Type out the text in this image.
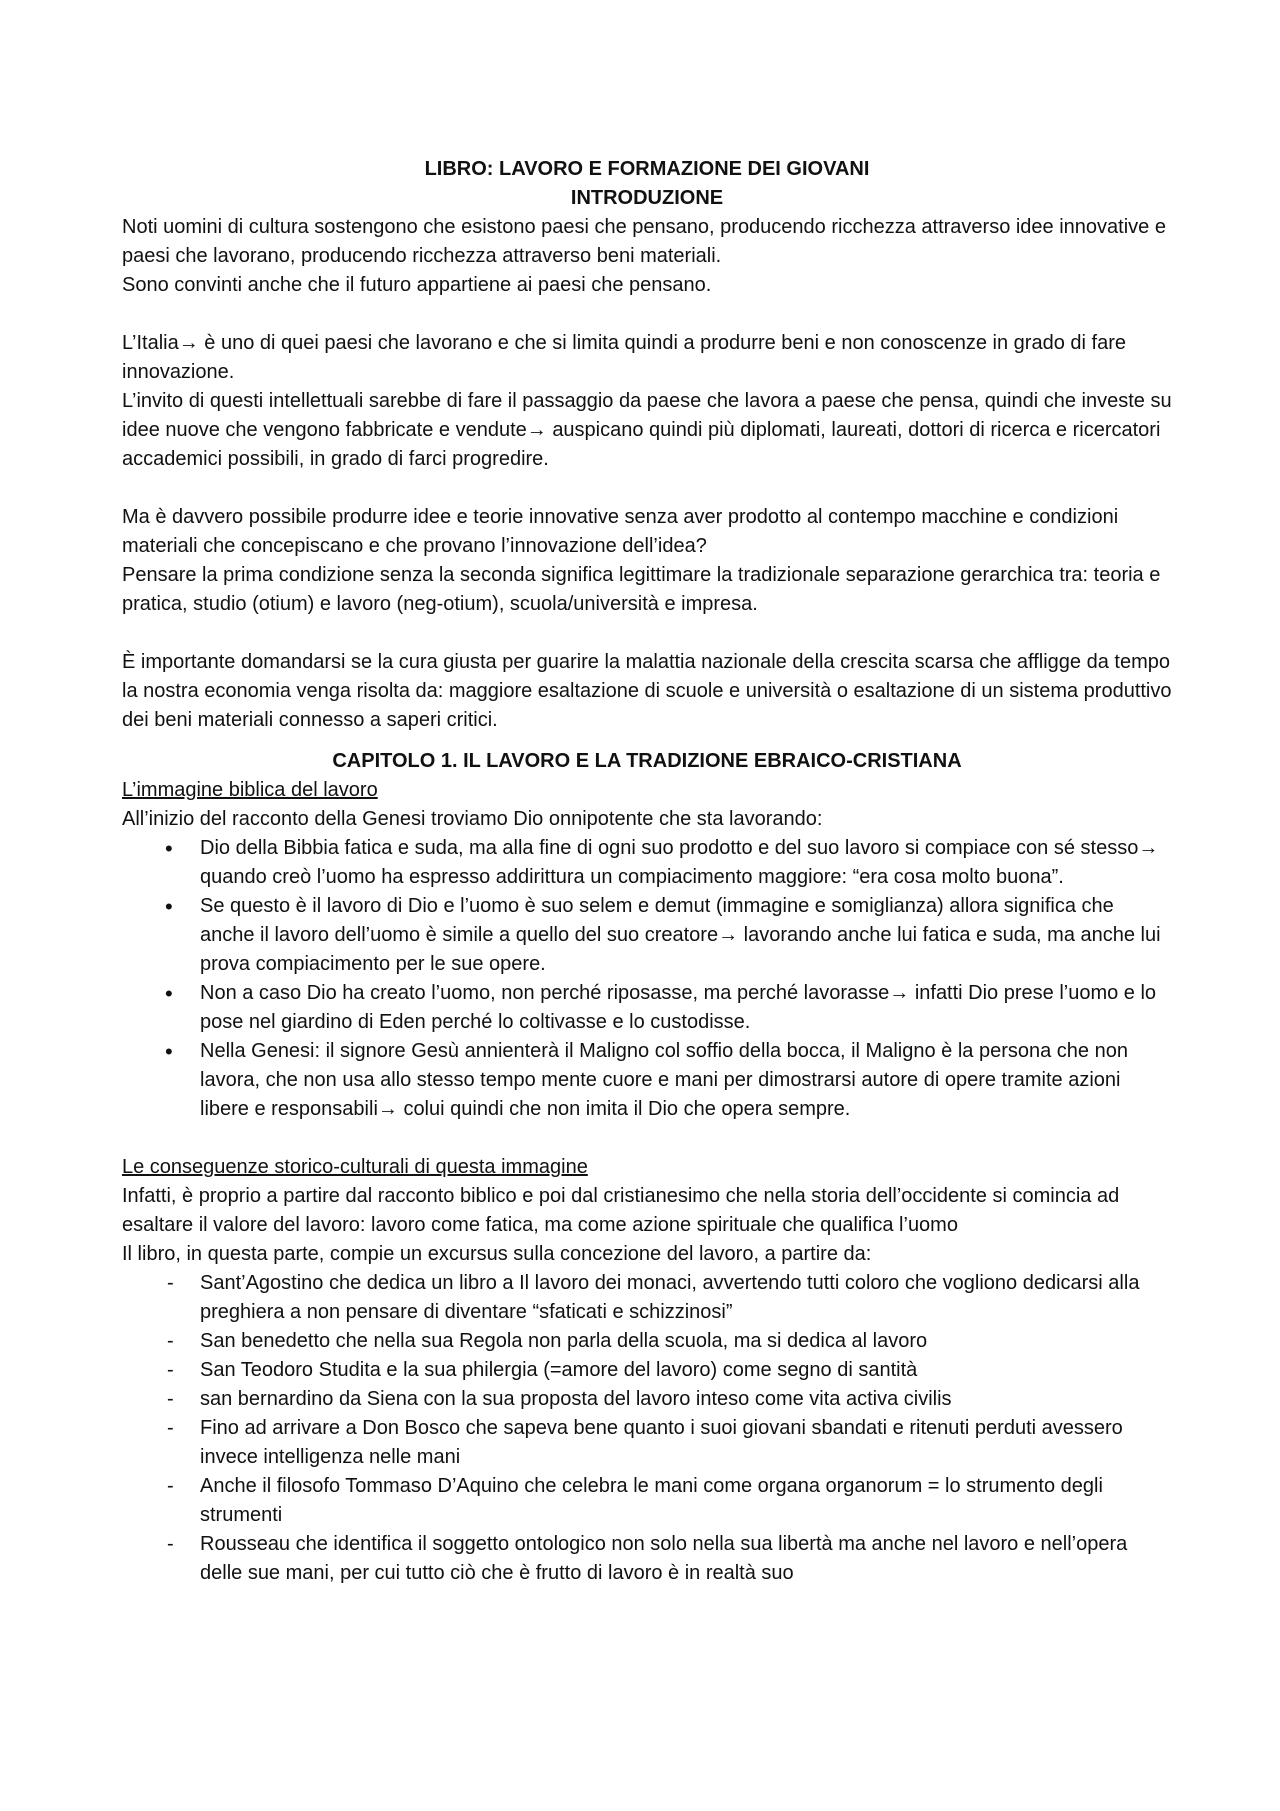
LIBRO: LAVORO E FORMAZIONE DEI GIOVANI

INTRODUZIONE

Noti uomini di cultura sostengono che esistono paesi che pensano, producendo ricchezza attraverso idee innovative e paesi che lavorano, producendo ricchezza attraverso beni materiali.

Sono convinti anche che il futuro appartiene ai paesi che pensano.

L’Italia→ è uno di quei paesi che lavorano e che si limita quindi a produrre beni e non conoscenze in grado di fare innovazione.

L’invito di questi intellettuali sarebbe di fare il passaggio da paese che lavora a paese che pensa, quindi che investe su idee nuove che vengono fabbricate e vendute→ auspicano quindi più diplomati, laureati, dottori di ricerca e ricercatori accademici possibili, in grado di farci progredire.

Ma è davvero possibile produrre idee e teorie innovative senza aver prodotto al contempo macchine e condizioni materiali che concepiscano e che provano l’innovazione dell’idea?

Pensare la prima condizione senza la seconda significa legittimare la tradizionale separazione gerarchica tra: teoria e pratica, studio (otium) e lavoro (neg-otium), scuola/università e impresa.

È importante domandarsi se la cura giusta per guarire la malattia nazionale della crescita scarsa che affligge da tempo la nostra economia venga risolta da: maggiore esaltazione di scuole e università o esaltazione di un sistema produttivo dei beni materiali connesso a saperi critici.

CAPITOLO 1. IL LAVORO E LA TRADIZIONE EBRAICO-CRISTIANA

L’immagine biblica del lavoro

All’inizio del racconto della Genesi troviamo Dio onnipotente che sta lavorando:

• Dio della Bibbia fatica e suda, ma alla fine di ogni suo prodotto e del suo lavoro si compiace con sé stesso→ quando creò l’uomo ha espresso addirittura un compiacimento maggiore: “era cosa molto buona”.
• Se questo è il lavoro di Dio e l’uomo è suo selem e demut (immagine e somiglianza) allora significa che anche il lavoro dell’uomo è simile a quello del suo creatore→ lavorando anche lui fatica e suda, ma anche lui prova compiacimento per le sue opere.
• Non a caso Dio ha creato l’uomo, non perché riposasse, ma perché lavorasse→ infatti Dio prese l’uomo e lo pose nel giardino di Eden perché lo coltivasse e lo custodisse.
• Nella Genesi: il signore Gesù annienterà il Maligno col soffio della bocca, il Maligno è la persona che non lavora, che non usa allo stesso tempo mente cuore e mani per dimostrarsi autore di opere tramite azioni libere e responsabili→ colui quindi che non imita il Dio che opera sempre.

Le conseguenze storico-culturali di questa immagine

Infatti, è proprio a partire dal racconto biblico e poi dal cristianesimo che nella storia dell’occidente si comincia ad esaltare il valore del lavoro: lavoro come fatica, ma come azione spirituale che qualifica l’uomo

Il libro, in questa parte, compie un excursus sulla concezione del lavoro, a partire da:

- Sant’Agostino che dedica un libro a Il lavoro dei monaci, avvertendo tutti coloro che vogliono dedicarsi alla preghiera a non pensare di diventare “sfaticati e schizzinosi”
- San benedetto che nella sua Regola non parla della scuola, ma si dedica al lavoro
- San Teodoro Studita e la sua philergia (=amore del lavoro) come segno di santità
- san bernardino da Siena con la sua proposta del lavoro inteso come vita activa civilis
- Fino ad arrivare a Don Bosco che sapeva bene quanto i suoi giovani sbandati e ritenuti perduti avessero invece intelligenza nelle mani
- Anche il filosofo Tommaso D’Aquino che celebra le mani come organa organorum = lo strumento degli strumenti
- Rousseau che identifica il soggetto ontologico non solo nella sua libertà ma anche nel lavoro e nell’opera delle sue mani, per cui tutto ciò che è frutto di lavoro è in realtà suo
